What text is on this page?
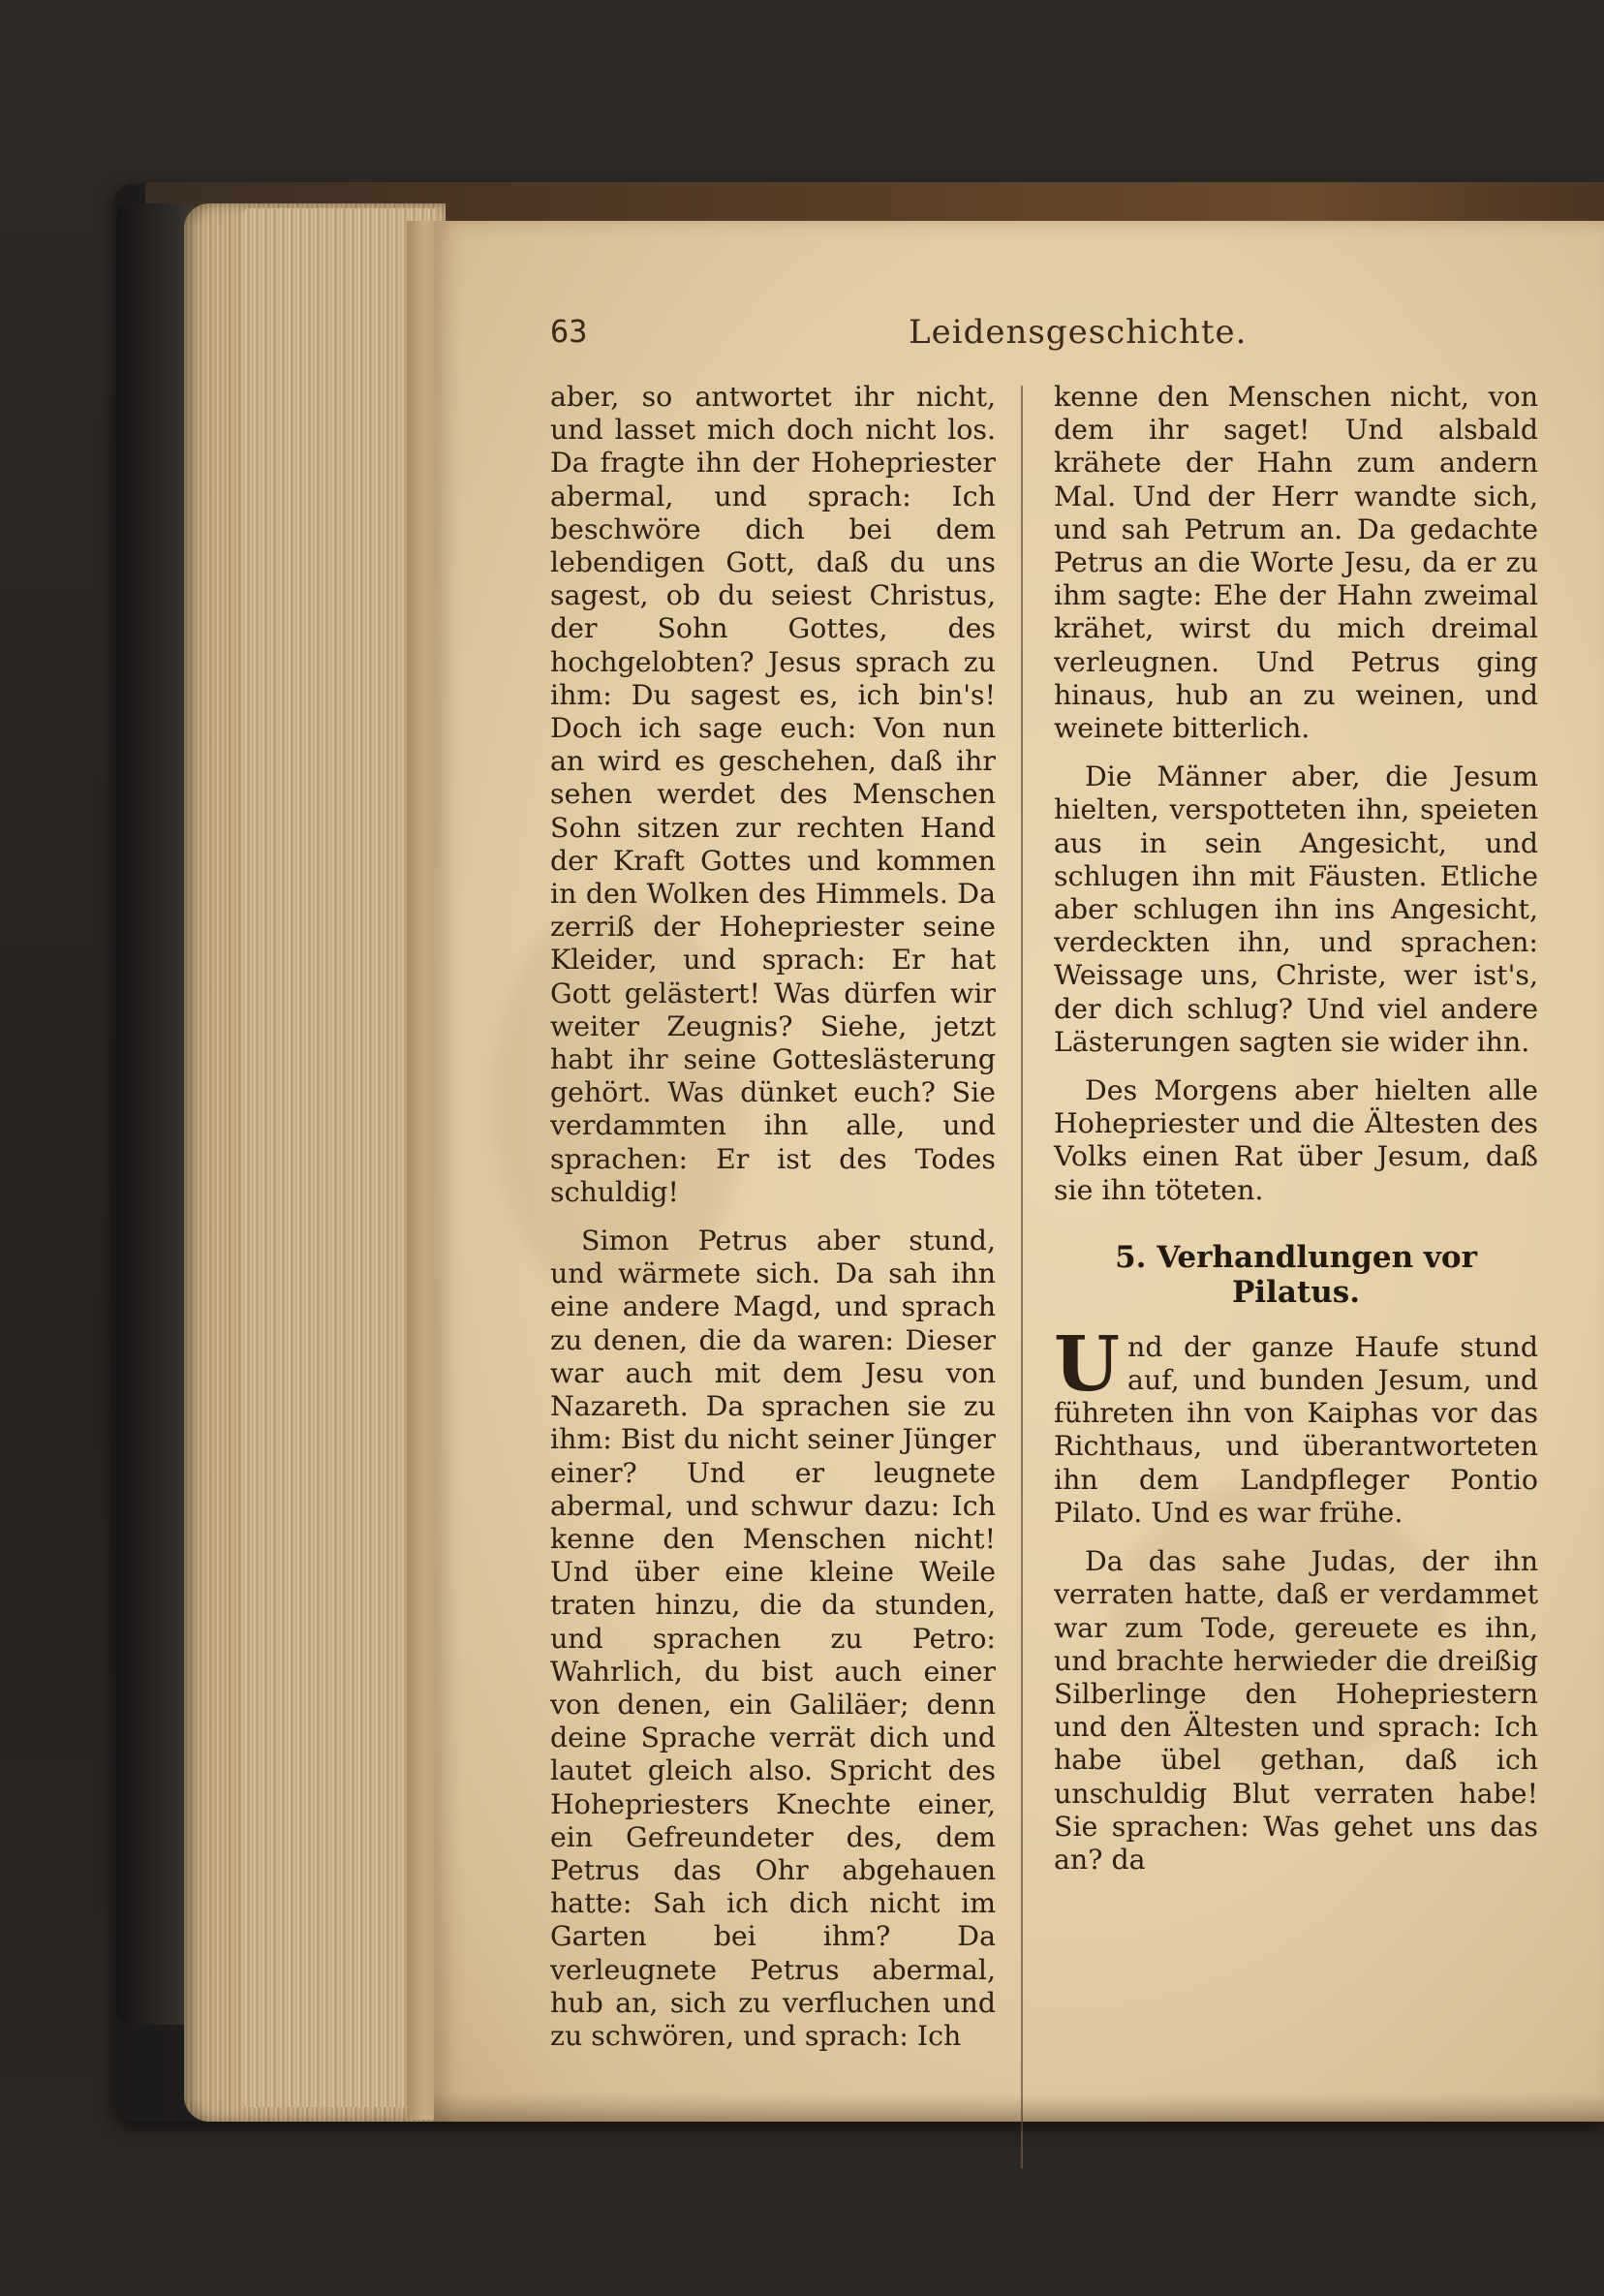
63	Leidensgeschichte.

aber, so antwortet ihr nicht, und lasset mich doch nicht los. Da fragte ihn der Hohepriester abermal, und sprach: Ich beschwöre dich bei dem lebendigen Gott, daß du uns sagest, ob du seiest Christus, der Sohn Gottes, des hochgelobten? Jesus sprach zu ihm: Du sagest es, ich bin's! Doch ich sage euch: Von nun an wird es geschehen, daß ihr sehen werdet des Menschen Sohn sitzen zur rechten Hand der Kraft Gottes und kommen in den Wolken des Himmels. Da zerriß der Hohepriester seine Kleider, und sprach: Er hat Gott gelästert! Was dürfen wir weiter Zeugnis? Siehe, jetzt habt ihr seine Gotteslästerung gehört. Was dünket euch? Sie verdammten ihn alle, und sprachen: Er ist des Todes schuldig!

Simon Petrus aber stund, und wärmete sich. Da sah ihn eine andere Magd, und sprach zu denen, die da waren: Dieser war auch mit dem Jesu von Nazareth. Da sprachen sie zu ihm: Bist du nicht seiner Jünger einer? Und er leugnete abermal, und schwur dazu: Ich kenne den Menschen nicht! Und über eine kleine Weile traten hinzu, die da stunden, und sprachen zu Petro: Wahrlich, du bist auch einer von denen, ein Galiläer; denn deine Sprache verrät dich und lautet gleich also. Spricht des Hohepriesters Knechte einer, ein Gefreundeter des, dem Petrus das Ohr abgehauen hatte: Sah ich dich nicht im Garten bei ihm? Da verleugnete Petrus abermal, hub an, sich zu verfluchen und zu schwören, und sprach: Ich

kenne den Menschen nicht, von dem ihr saget! Und alsbald krähete der Hahn zum andern Mal. Und der Herr wandte sich, und sah Petrum an. Da gedachte Petrus an die Worte Jesu, da er zu ihm sagte: Ehe der Hahn zweimal krähet, wirst du mich dreimal verleugnen. Und Petrus ging hinaus, hub an zu weinen, und weinete bitterlich.

Die Männer aber, die Jesum hielten, verspotteten ihn, speieten aus in sein Angesicht, und schlugen ihn mit Fäusten. Etliche aber schlugen ihn ins Angesicht, verdeckten ihn, und sprachen: Weissage uns, Christe, wer ist's, der dich schlug? Und viel andere Lästerungen sagten sie wider ihn.

Des Morgens aber hielten alle Hohepriester und die Ältesten des Volks einen Rat über Jesum, daß sie ihn töteten.

5. Verhandlungen vor Pilatus.

Und der ganze Haufe stund auf, und bunden Jesum, und führeten ihn von Kaiphas vor das Richthaus, und überantworteten ihn dem Landpfleger Pontio Pilato. Und es war frühe.

Da das sahe Judas, der ihn verraten hatte, daß er verdammet war zum Tode, gereuete es ihn, und brachte herwieder die dreißig Silberlinge den Hohepriestern und den Ältesten und sprach: Ich habe übel gethan, daß ich unschuldig Blut verraten habe! Sie sprachen: Was gehet uns das an? da
